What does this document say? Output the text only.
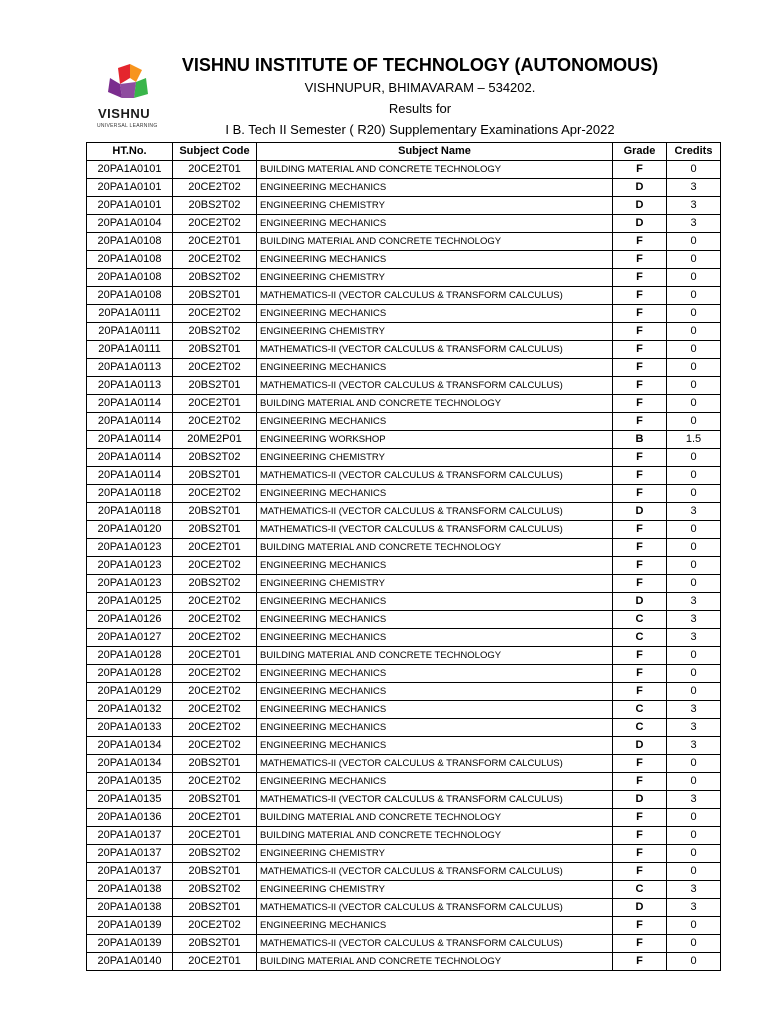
VISHNU
UNIVERSAL LEARNING
VISHNU INSTITUTE OF TECHNOLOGY (AUTONOMOUS)
VISHNUPUR, BHIMAVARAM – 534202.
Results for
I B. Tech II Semester ( R20) Supplementary Examinations Apr-2022
HT.No.	Subject Code	Subject Name	Grade	Credits
20PA1A0101	20CE2T01	BUILDING MATERIAL AND CONCRETE TECHNOLOGY	F	0
20PA1A0101	20CE2T02	ENGINEERING MECHANICS	D	3
20PA1A0101	20BS2T02	ENGINEERING CHEMISTRY	D	3
20PA1A0104	20CE2T02	ENGINEERING MECHANICS	D	3
20PA1A0108	20CE2T01	BUILDING MATERIAL AND CONCRETE TECHNOLOGY	F	0
20PA1A0108	20CE2T02	ENGINEERING MECHANICS	F	0
20PA1A0108	20BS2T02	ENGINEERING CHEMISTRY	F	0
20PA1A0108	20BS2T01	MATHEMATICS-II (VECTOR CALCULUS & TRANSFORM CALCULUS)	F	0
20PA1A0111	20CE2T02	ENGINEERING MECHANICS	F	0
20PA1A0111	20BS2T02	ENGINEERING CHEMISTRY	F	0
20PA1A0111	20BS2T01	MATHEMATICS-II (VECTOR CALCULUS & TRANSFORM CALCULUS)	F	0
20PA1A0113	20CE2T02	ENGINEERING MECHANICS	F	0
20PA1A0113	20BS2T01	MATHEMATICS-II (VECTOR CALCULUS & TRANSFORM CALCULUS)	F	0
20PA1A0114	20CE2T01	BUILDING MATERIAL AND CONCRETE TECHNOLOGY	F	0
20PA1A0114	20CE2T02	ENGINEERING MECHANICS	F	0
20PA1A0114	20ME2P01	ENGINEERING WORKSHOP	B	1.5
20PA1A0114	20BS2T02	ENGINEERING CHEMISTRY	F	0
20PA1A0114	20BS2T01	MATHEMATICS-II (VECTOR CALCULUS & TRANSFORM CALCULUS)	F	0
20PA1A0118	20CE2T02	ENGINEERING MECHANICS	F	0
20PA1A0118	20BS2T01	MATHEMATICS-II (VECTOR CALCULUS & TRANSFORM CALCULUS)	D	3
20PA1A0120	20BS2T01	MATHEMATICS-II (VECTOR CALCULUS & TRANSFORM CALCULUS)	F	0
20PA1A0123	20CE2T01	BUILDING MATERIAL AND CONCRETE TECHNOLOGY	F	0
20PA1A0123	20CE2T02	ENGINEERING MECHANICS	F	0
20PA1A0123	20BS2T02	ENGINEERING CHEMISTRY	F	0
20PA1A0125	20CE2T02	ENGINEERING MECHANICS	D	3
20PA1A0126	20CE2T02	ENGINEERING MECHANICS	C	3
20PA1A0127	20CE2T02	ENGINEERING MECHANICS	C	3
20PA1A0128	20CE2T01	BUILDING MATERIAL AND CONCRETE TECHNOLOGY	F	0
20PA1A0128	20CE2T02	ENGINEERING MECHANICS	F	0
20PA1A0129	20CE2T02	ENGINEERING MECHANICS	F	0
20PA1A0132	20CE2T02	ENGINEERING MECHANICS	C	3
20PA1A0133	20CE2T02	ENGINEERING MECHANICS	C	3
20PA1A0134	20CE2T02	ENGINEERING MECHANICS	D	3
20PA1A0134	20BS2T01	MATHEMATICS-II (VECTOR CALCULUS & TRANSFORM CALCULUS)	F	0
20PA1A0135	20CE2T02	ENGINEERING MECHANICS	F	0
20PA1A0135	20BS2T01	MATHEMATICS-II (VECTOR CALCULUS & TRANSFORM CALCULUS)	D	3
20PA1A0136	20CE2T01	BUILDING MATERIAL AND CONCRETE TECHNOLOGY	F	0
20PA1A0137	20CE2T01	BUILDING MATERIAL AND CONCRETE TECHNOLOGY	F	0
20PA1A0137	20BS2T02	ENGINEERING CHEMISTRY	F	0
20PA1A0137	20BS2T01	MATHEMATICS-II (VECTOR CALCULUS & TRANSFORM CALCULUS)	F	0
20PA1A0138	20BS2T02	ENGINEERING CHEMISTRY	C	3
20PA1A0138	20BS2T01	MATHEMATICS-II (VECTOR CALCULUS & TRANSFORM CALCULUS)	D	3
20PA1A0139	20CE2T02	ENGINEERING MECHANICS	F	0
20PA1A0139	20BS2T01	MATHEMATICS-II (VECTOR CALCULUS & TRANSFORM CALCULUS)	F	0
20PA1A0140	20CE2T01	BUILDING MATERIAL AND CONCRETE TECHNOLOGY	F	0
